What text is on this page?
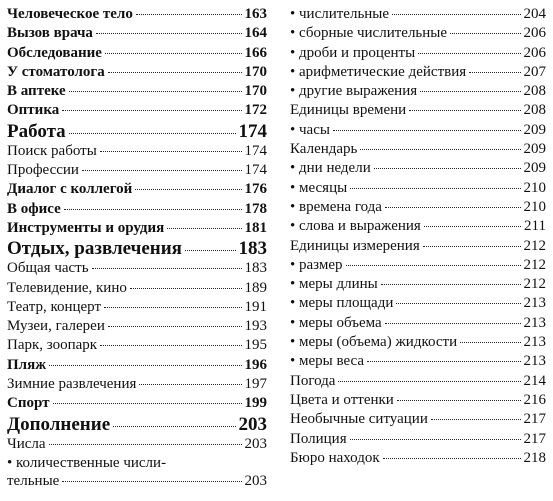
Человеческое тело	163
Вызов врача	164
Обследование	166
У стоматолога	170
В аптеке	170
Оптика	172
Работа	174
Поиск работы	174
Профессии	174
Диалог с коллегой	176
В офисе	178
Инструменты и орудия	181
Отдых, развлечения	183
Общая часть	183
Телевидение, кино	189
Театр, концерт	191
Музеи, галереи	193
Парк, зоопарк	195
Пляж	196
Зимние развлечения	197
Спорт	199
Дополнение	203
Числа	203
• количественные числи-
тельные	203
• числительные	204
• сборные числительные	206
• дроби и проценты	206
• арифметические действия	207
• другие выражения	208
Единицы времени	208
• часы	209
Календарь	209
• дни недели	209
• месяцы	210
• времена года	210
• слова и выражения	211
Единицы измерения	212
• размер	212
• меры длины	212
• меры площади	213
• меры объема	213
• меры (объема) жидкости	213
• меры веса	213
Погода	214
Цвета и оттенки	216
Необычные ситуации	217
Полиция	217
Бюро находок	218
